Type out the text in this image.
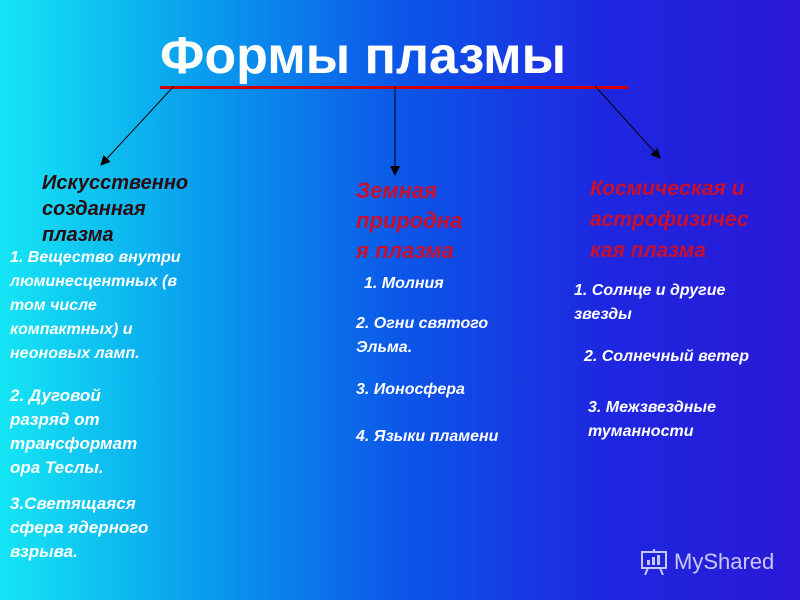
Формы плазмы
Искусственно
созданная
плазма
1. Вещество внутри
люминесцентных (в
том числе
компактных) и
неоновых ламп.
2. Дуговой
разряд от
трансформат
ора Теслы.
3.Светящаяся
сфера ядерного
взрыва.
Земная
природна
я плазма
1. Молния
2. Огни святого
Эльма.
3. Ионосфера
4. Языки пламени
Космическая и
астрофизичес
кая плазма
1. Солнце и другие
звезды
2. Солнечный ветер
3. Межзвездные
туманности
MyShared
